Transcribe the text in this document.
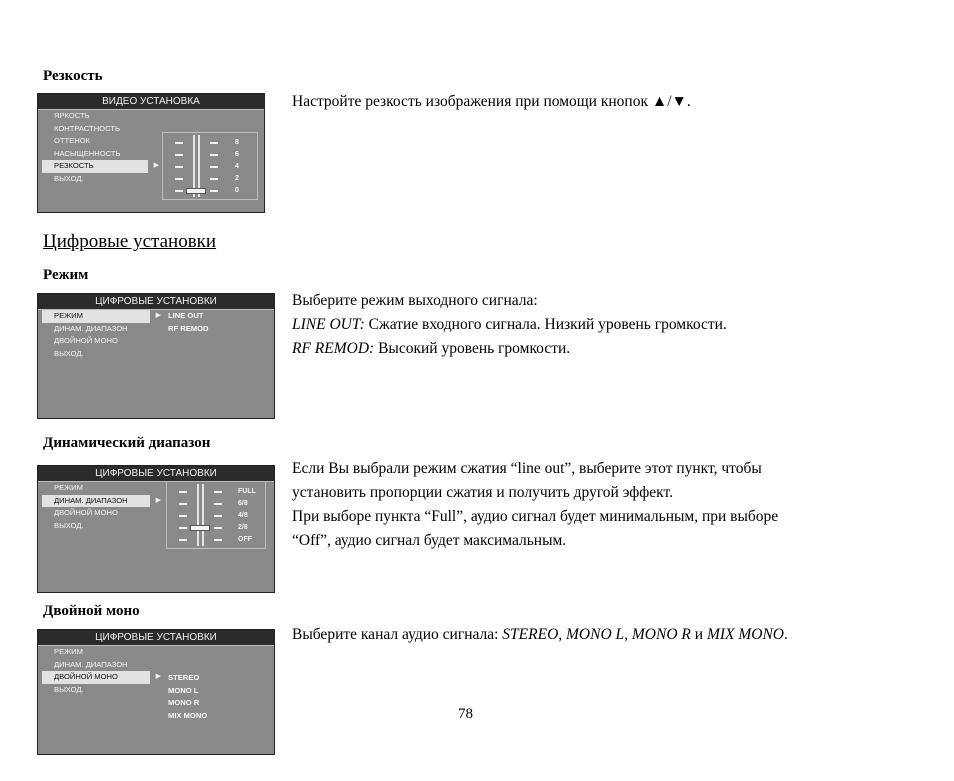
Резкость
ВИДЕО УСТАНОВКА
ЯРКОСТЬ
КОНТРАСТНОСТЬ
ОТТЕНОК
НАСЫЩЕННОСТЬ
РЕЗКОСТЬ	▶
ВЫХОД.
8
6
4
2
0
Настройте резкость изображения при помощи кнопок ▲/▼.
Цифровые установки
Режим
ЦИФРОВЫЕ УСТАНОВКИ
РЕЖИМ	▶
ДИНАМ. ДИАПАЗОН
ДВОЙНОЙ МОНО
ВЫХОД.
LINE OUT
RF REMOD

Выберите режим выходного сигнала:

LINE OUT: Сжатие входного сигнала. Низкий уровень громкости.

RF REMOD: Высокий уровень громкости.

Динамический диапазон
ЦИФРОВЫЕ УСТАНОВКИ
РЕЖИМ
ДИНАМ. ДИАПАЗОН	▶
ДВОЙНОЙ МОНО
ВЫХОД.
FULL
6/8
4/8
2/8
OFF

Если Вы выбрали режим сжатия “line out”, выберите этот пункт, чтобы

установить пропорции сжатия и получить другой эффект.

При выборе пункта “Full”, аудио сигнал будет минимальным, при выборе

“Off”, аудио сигнал будет максимальным.

Двойной моно
ЦИФРОВЫЕ УСТАНОВКИ
РЕЖИМ
ДИНАМ. ДИАПАЗОН
ДВОЙНОЙ МОНО	▶
ВЫХОД.
STEREO
MONO L
MONO R
MIX MONO

Выберите канал аудио сигнала: STEREO, MONO L, MONO R и MIX MONO.

78
